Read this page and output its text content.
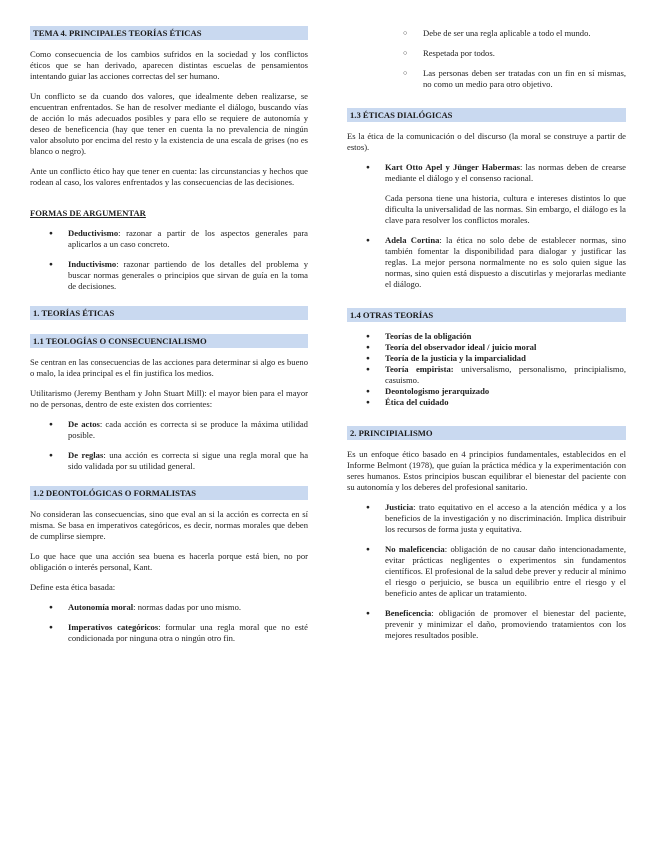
TEMA 4. PRINCIPALES TEORÍAS ÉTICAS

Como consecuencia de los cambios sufridos en la sociedad y los conflictos éticos que se han derivado, aparecen distintas escuelas de pensamientos intentando guiar las acciones correctas del ser humano.

Un conflicto se da cuando dos valores, que idealmente deben realizarse, se encuentran enfrentados. Se han de resolver mediante el diálogo, buscando vías de acción lo más adecuados posibles y para ello se requiere de autonomía y deseo de beneficencia (hay que tener en cuenta la no prevalencia de ningún valor absoluto por encima del resto y la existencia de una escala de grises (no es blanco o negro).

Ante un conflicto ético hay que tener en cuenta: las circunstancias y hechos que rodean al caso, los valores enfrentados y las consecuencias de las decisiones.

FORMAS DE ARGUMENTAR
● Deductivismo: razonar a partir de los aspectos generales para aplicarlos a un caso concreto.
● Inductivismo: razonar partiendo de los detalles del problema y buscar normas generales o principios que sirvan de guía en la toma de decisiones.
1. TEORÍAS ÉTICAS
1.1 TEOLOGÍAS O CONSECUENCIALISMO

Se centran en las consecuencias de las acciones para determinar si algo es bueno o malo, la idea principal es el fin justifica los medios.

Utilitarismo (Jeremy Bentham y John Stuart Mill): el mayor bien para el mayor no de personas, dentro de este existen dos corrientes:

● De actos: cada acción es correcta si se produce la máxima utilidad posible.
● De reglas: una acción es correcta si sigue una regla moral que ha sido validada por su utilidad general.
1.2 DEONTOLÓGICAS O FORMALISTAS

No consideran las consecuencias, sino que eval an si la acción es correcta en sí misma. Se basa en imperativos categóricos, es decir, normas morales que deben de cumplirse siempre.

Lo que hace que una acción sea buena es hacerla porque está bien, no por obligación o interés personal, Kant.

Define esta ética basada:

● Autonomía moral: normas dadas por uno mismo.
● Imperativos categóricos: formular una regla moral que no esté condicionada por ninguna otra o ningún otro fin.
○ Debe de ser una regla aplicable a todo el mundo.
○ Respetada por todos.
○ Las personas deben ser tratadas con un fin en sí mismas, no como un medio para otro objetivo.
1.3 ÉTICAS DIALÓGICAS

Es la ética de la comunicación o del discurso (la moral se construye a partir de estos).

● Kart Otto Apel y Jünger Habermas: las normas deben de crearse mediante el diálogo y el consenso racional.

Cada persona tiene una historia, cultura e intereses distintos lo que dificulta la universalidad de las normas. Sin embargo, el diálogo es la clave para resolver los conflictos morales.

● Adela Cortina: la ética no solo debe de establecer normas, sino también fomentar la disponibilidad para dialogar y justificar las reglas. La mejor persona normalmente no es solo quien sigue las normas, sino quien está dispuesto a discutirlas y mejorarlas mediante el diálogo.
1.4 OTRAS TEORÍAS
● Teorías de la obligación
● Teoría del observador ideal / juicio moral
● Teoría de la justicia y la imparcialidad
● Teoría empirista: universalismo, personalismo, principialismo, casuismo.
● Deontologismo jerarquizado
● Ética del cuidado
2. PRINCIPIALISMO

Es un enfoque ético basado en 4 principios fundamentales, establecidos en el Informe Belmont (1978), que guían la práctica médica y la experimentación con seres humanos. Estos principios buscan equilibrar el bienestar del paciente con su autonomía y los deberes del profesional sanitario.

● Justicia: trato equitativo en el acceso a la atención médica y a los beneficios de la investigación y no discriminación. Implica distribuir los recursos de forma justa y equitativa.
● No maleficencia: obligación de no causar daño intencionadamente, evitar prácticas negligentes o experimentos sin fundamentos científicos. El profesional de la salud debe prever y reducir al mínimo el riesgo o perjuicio, se busca un equilibrio entre el riesgo y el beneficio antes de aplicar un tratamiento.
● Beneficencia: obligación de promover el bienestar del paciente, prevenir y minimizar el daño, promoviendo tratamientos con los mejores resultados posible.
